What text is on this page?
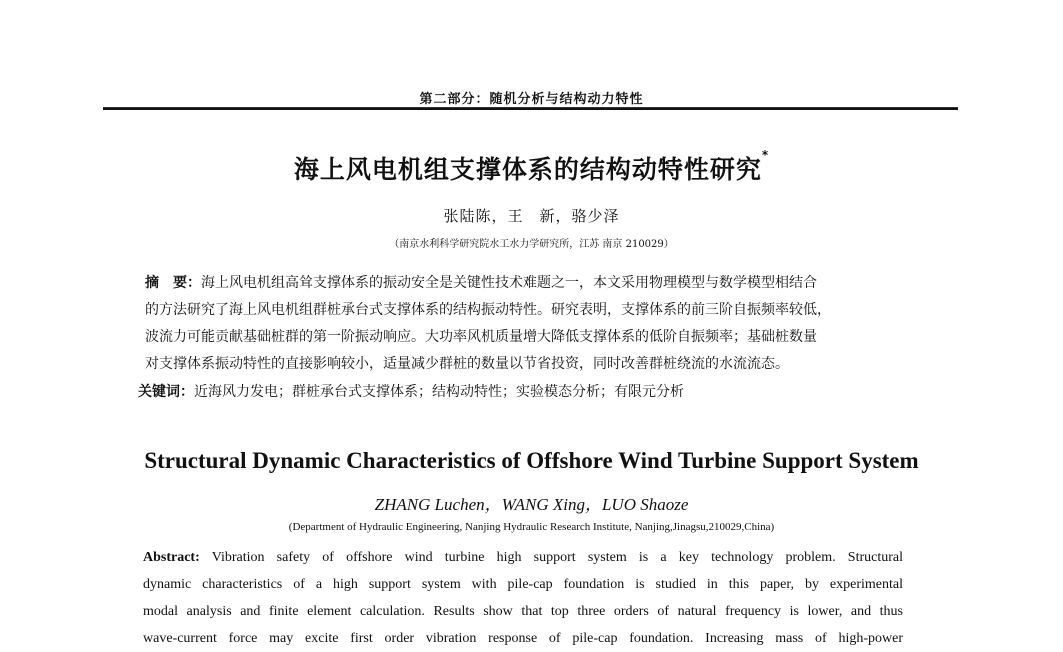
第二部分：随机分析与结构动力特性
海上风电机组支撑体系的结构动特性研究*
张陆陈，王　新，骆少泽
（南京水利科学研究院水工水力学研究所，江苏 南京 210029）
摘　要：海上风电机组高耸支撑体系的振动安全是关键性技术难题之一，本文采用物理模型与数学模型相结合
的方法研究了海上风电机组群桩承台式支撑体系的结构振动特性。研究表明，支撑体系的前三阶自振频率较低，
波流力可能贡献基础桩群的第一阶振动响应。大功率风机质量增大降低支撑体系的低阶自振频率；基础桩数量
对支撑体系振动特性的直接影响较小，适量减少群桩的数量以节省投资，同时改善群桩绕流的水流流态。
关键词：近海风力发电；群桩承台式支撑体系；结构动特性；实验模态分析；有限元分析
Structural Dynamic Characteristics of Offshore Wind Turbine Support System
ZHANG Luchen，WANG Xing，LUO Shaoze
(Department of Hydraulic Engineering, Nanjing Hydraulic Research Institute, Nanjing,Jinagsu,210029,China)
Abstract: Vibration safety of offshore wind turbine high support system is a key technology problem. Structural
dynamic characteristics of a high support system with pile-cap foundation is studied in this paper, by experimental
modal analysis and finite element calculation. Results show that top three orders of natural frequency is lower, and thus
wave-current force may excite first order vibration response of pile-cap foundation. Increasing mass of high-power
